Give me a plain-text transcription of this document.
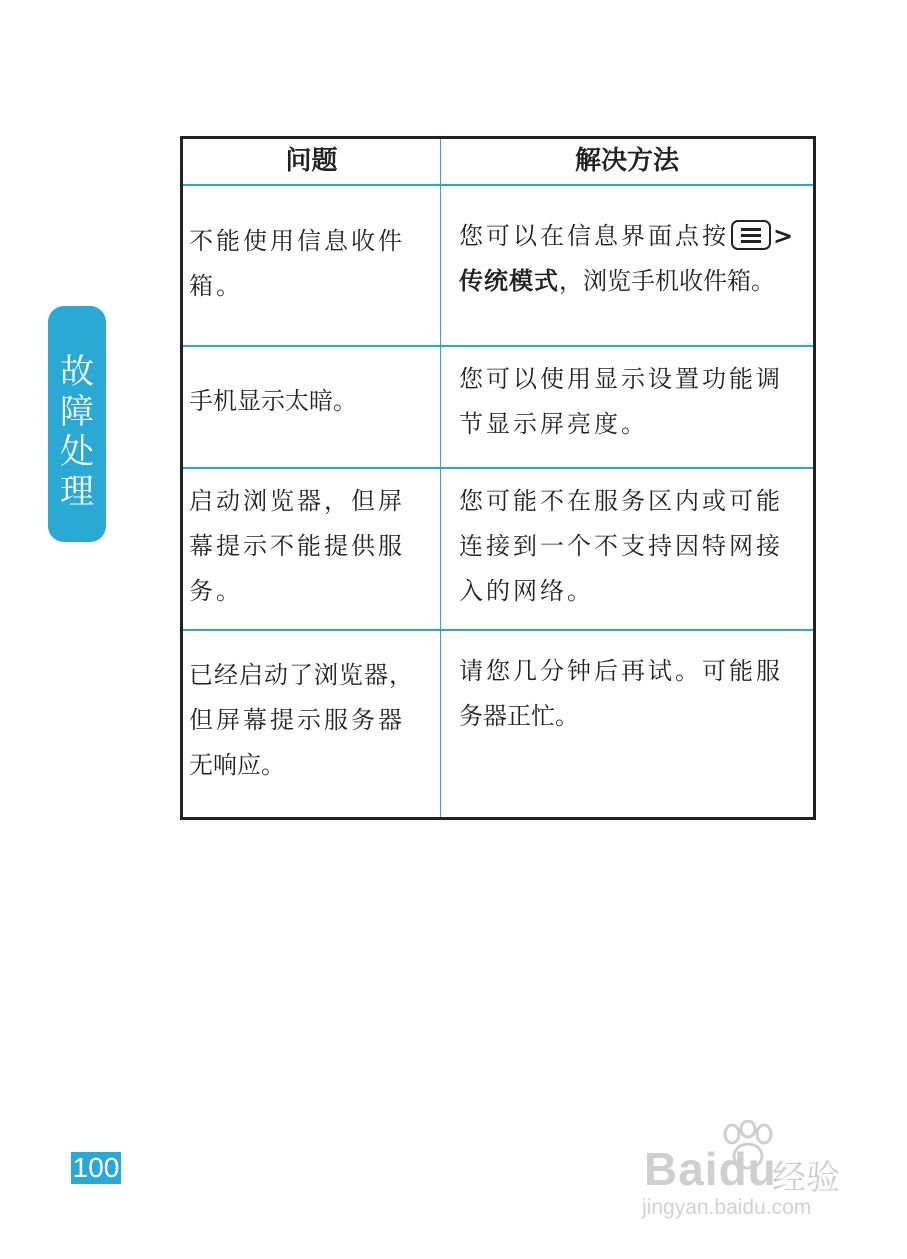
问题	解决方法
不能使用信息收件
箱。
您可以在信息界面点按 >
传统模式，浏览手机收件箱。
手机显示太暗。
您可以使用显示设置功能调
节显示屏亮度。
启动浏览器，但屏
幕提示不能提供服
务。
您可能不在服务区内或可能
连接到一个不支持因特网接
入的网络。
已经启动了浏览器，
但屏幕提示服务器
无响应。
请您几分钟后再试。可能服
务器正忙。
故
障
处
理
100	Baidu
经验
jingyan.baidu.com
